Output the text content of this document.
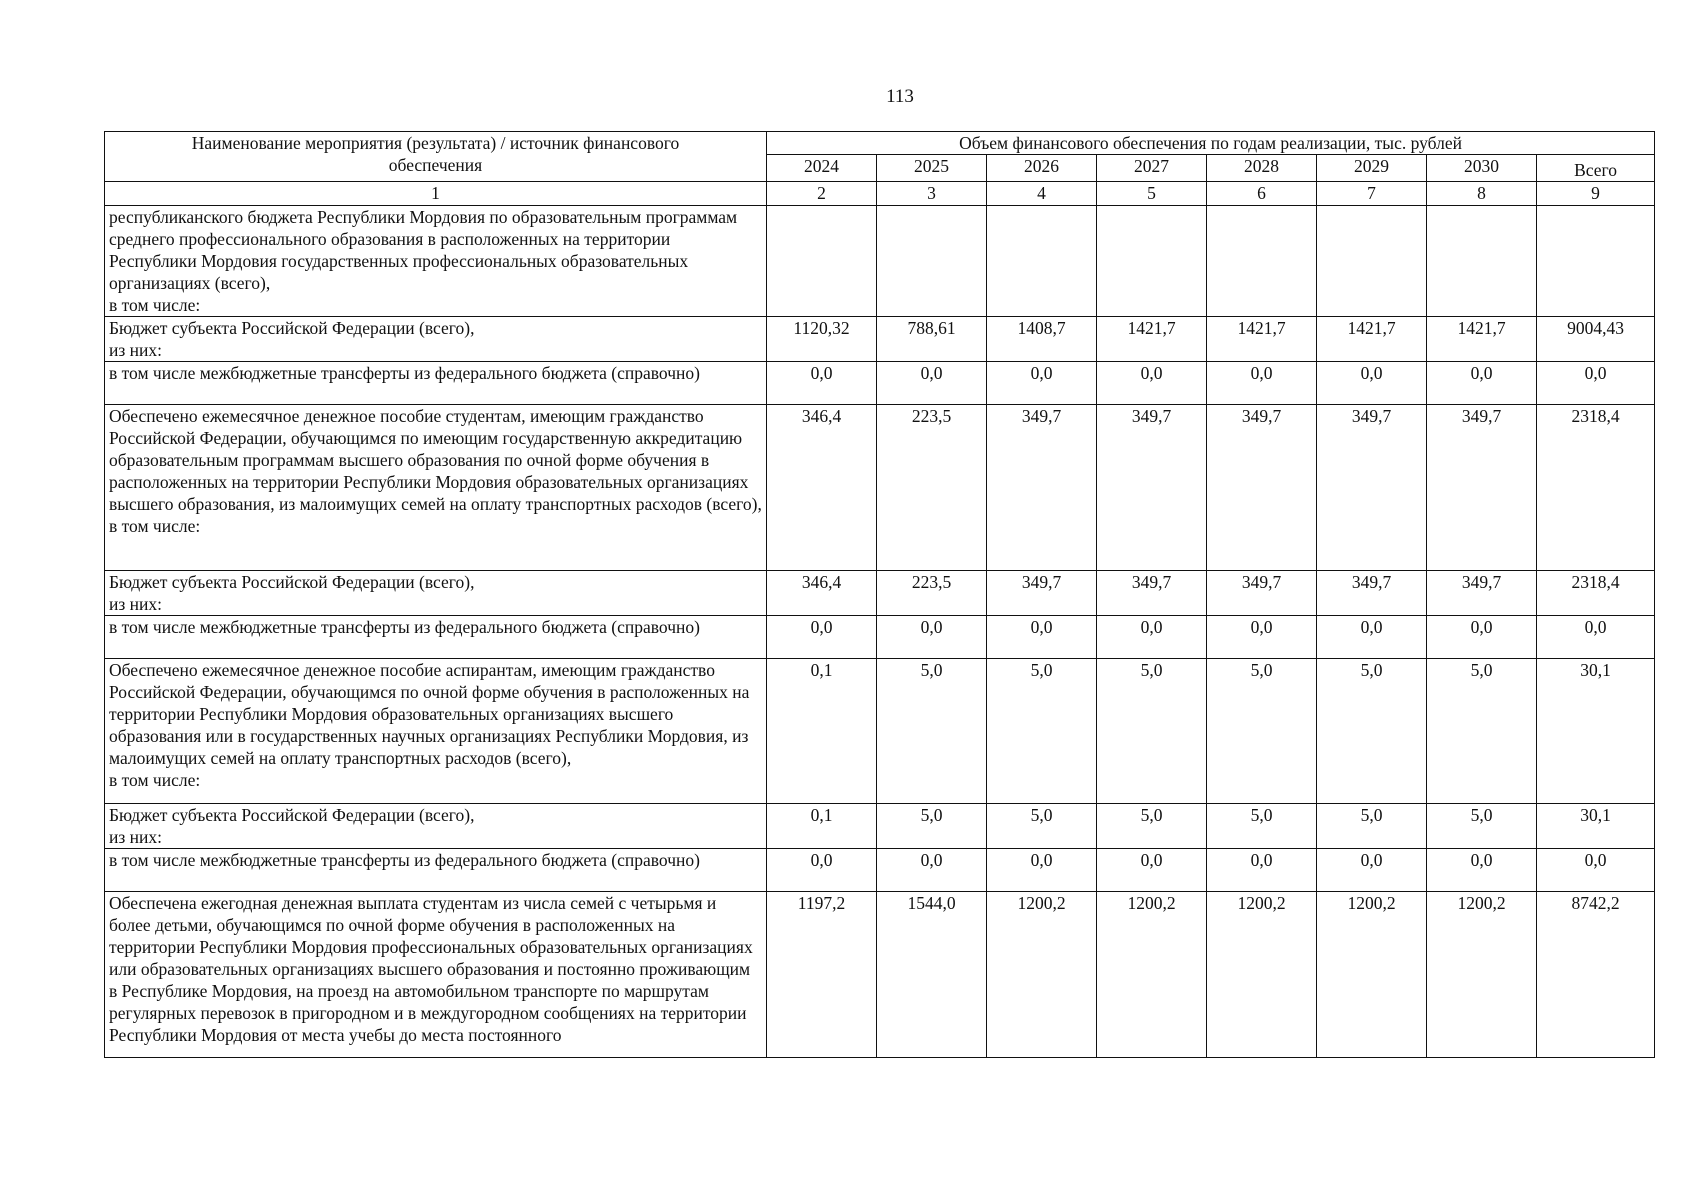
113
Наименование мероприятия (результата) / источник финансового обеспечения	Объем финансового обеспечения по годам реализации, тыс. рублей							
	2024	2025	2026	2027	2028	2029	2030	Всего
1	2	3	4	5	6	7	8	9
республиканского бюджета Республики Мордовия по образовательным программам среднего профессионального образования в расположенных на территории Республики Мордовия государственных профессиональных образовательных организациях (всего),
в том числе:								
Бюджет субъекта Российской Федерации (всего),
из них:	1120,32	788,61	1408,7	1421,7	1421,7	1421,7	1421,7	9004,43
в том числе межбюджетные трансферты из федерального бюджета (справочно)	0,0	0,0	0,0	0,0	0,0	0,0	0,0	0,0
Обеспечено ежемесячное денежное пособие студентам, имеющим гражданство Российской Федерации, обучающимся по имеющим государственную аккредитацию образовательным программам высшего образования по очной форме обучения в расположенных на территории Республики Мордовия образовательных организациях высшего образования, из малоимущих семей на оплату транспортных расходов (всего),
в том числе:	346,4	223,5	349,7	349,7	349,7	349,7	349,7	2318,4
Бюджет субъекта Российской Федерации (всего),
из них:	346,4	223,5	349,7	349,7	349,7	349,7	349,7	2318,4
в том числе межбюджетные трансферты из федерального бюджета (справочно)	0,0	0,0	0,0	0,0	0,0	0,0	0,0	0,0
Обеспечено ежемесячное денежное пособие аспирантам, имеющим гражданство Российской Федерации, обучающимся по очной форме обучения в расположенных на территории Республики Мордовия образовательных организациях высшего образования или в государственных научных организациях Республики Мордовия, из малоимущих семей на оплату транспортных расходов (всего),
в том числе:	0,1	5,0	5,0	5,0	5,0	5,0	5,0	30,1
Бюджет субъекта Российской Федерации (всего),
из них:	0,1	5,0	5,0	5,0	5,0	5,0	5,0	30,1
в том числе межбюджетные трансферты из федерального бюджета (справочно)	0,0	0,0	0,0	0,0	0,0	0,0	0,0	0,0
Обеспечена ежегодная денежная выплата студентам из числа семей с четырьмя и более детьми, обучающимся по очной форме обучения в расположенных на территории Республики Мордовия профессиональных образовательных организациях или образовательных организациях высшего образования и постоянно проживающим в Республике Мордовия, на проезд на автомобильном транспорте по маршрутам регулярных перевозок в пригородном и в междугородном сообщениях на территории Республики Мордовия от места учебы до места постоянного	1197,2	1544,0	1200,2	1200,2	1200,2	1200,2	1200,2	8742,2
